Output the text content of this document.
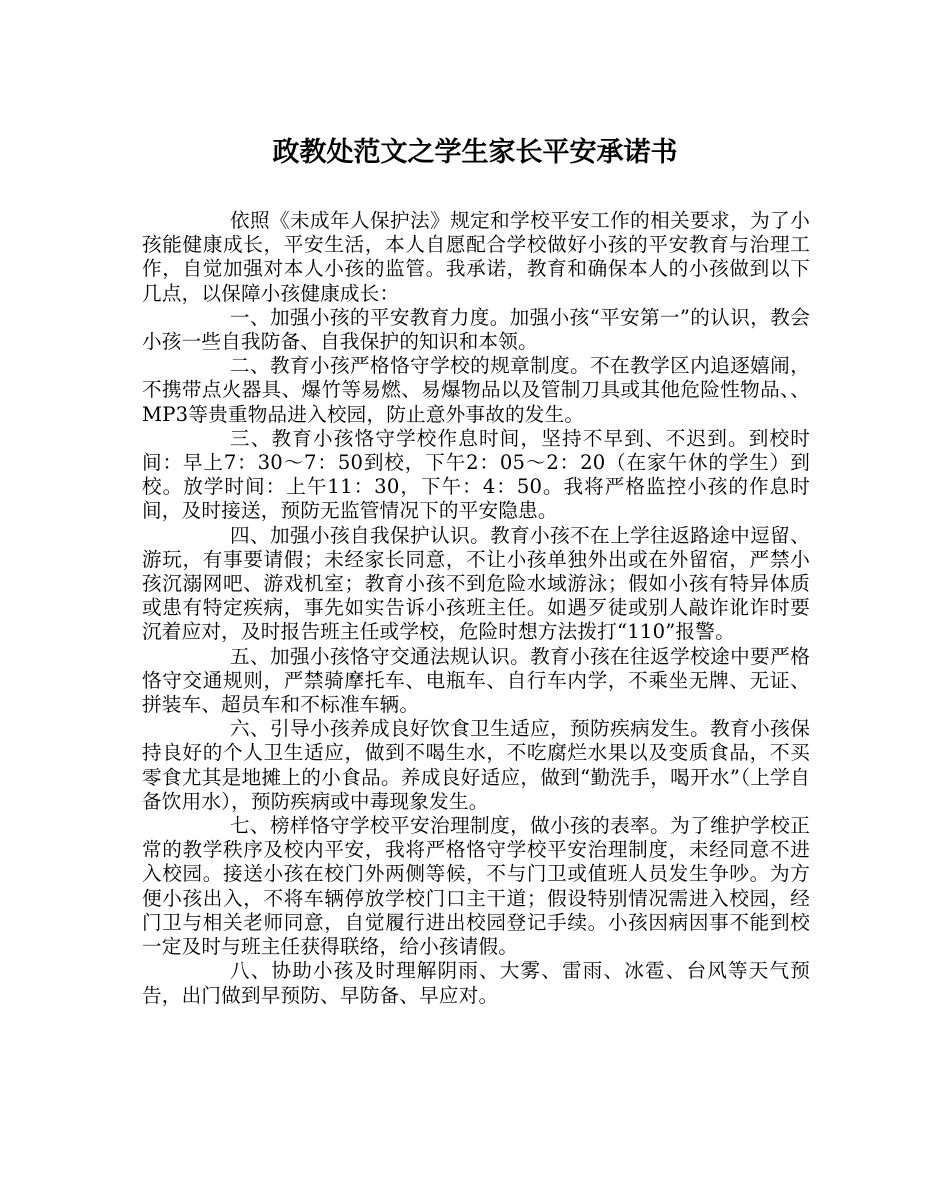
政教处范文之学生家长平安承诺书

依照《未成年人保护法》规定和学校平安工作的相关要求，为了小孩能健康成长，平安生活，本人自愿配合学校做好小孩的平安教育与治理工作，自觉加强对本人小孩的监管。我承诺，教育和确保本人的小孩做到以下几点，以保障小孩健康成长：

一、加强小孩的平安教育力度。加强小孩“平安第一”的认识，教会小孩一些自我防备、自我保护的知识和本领。

二、教育小孩严格恪守学校的规章制度。不在教学区内追逐嬉闹，不携带点火器具、爆竹等易燃、易爆物品以及管制刀具或其他危险性物品、、MP3等贵重物品进入校园，防止意外事故的发生。

三、教育小孩恪守学校作息时间，坚持不早到、不迟到。到校时间：早上7：30～7：50到校，下午2：05～2：20（在家午休的学生）到校。放学时间：上午11：30，下午：4：50。我将严格监控小孩的作息时间，及时接送，预防无监管情况下的平安隐患。

四、加强小孩自我保护认识。教育小孩不在上学往返路途中逗留、游玩，有事要请假；未经家长同意，不让小孩单独外出或在外留宿，严禁小孩沉溺网吧、游戏机室；教育小孩不到危险水域游泳；假如小孩有特异体质或患有特定疾病，事先如实告诉小孩班主任。如遇歹徒或别人敲诈讹诈时要沉着应对，及时报告班主任或学校，危险时想方法拨打“110”报警。

五、加强小孩恪守交通法规认识。教育小孩在往返学校途中要严格恪守交通规则，严禁骑摩托车、电瓶车、自行车内学，不乘坐无牌、无证、拼装车、超员车和不标准车辆。

六、引导小孩养成良好饮食卫生适应，预防疾病发生。教育小孩保持良好的个人卫生适应，做到不喝生水，不吃腐烂水果以及变质食品，不买零食尤其是地摊上的小食品。养成良好适应，做到“勤洗手，喝开水”（上学自备饮用水），预防疾病或中毒现象发生。

七、榜样恪守学校平安治理制度，做小孩的表率。为了维护学校正常的教学秩序及校内平安，我将严格恪守学校平安治理制度，未经同意不进入校园。接送小孩在校门外两侧等候，不与门卫或值班人员发生争吵。为方便小孩出入，不将车辆停放学校门口主干道；假设特别情况需进入校园，经门卫与相关老师同意，自觉履行进出校园登记手续。小孩因病因事不能到校一定及时与班主任获得联络，给小孩请假。

八、协助小孩及时理解阴雨、大雾、雷雨、冰雹、台风等天气预告，出门做到早预防、早防备、早应对。
